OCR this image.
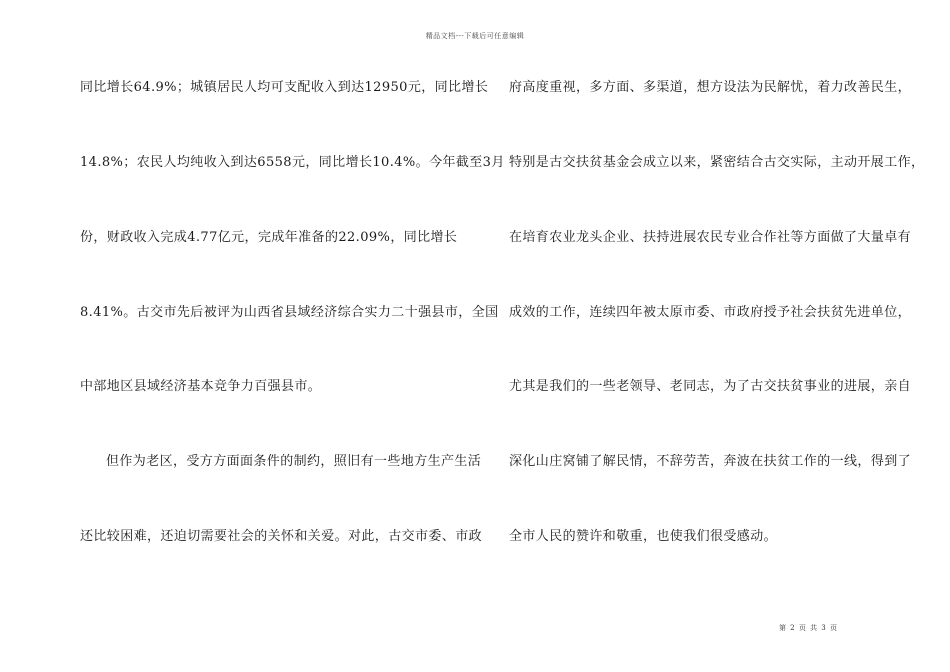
精品文档---下载后可任意编辑
同比增长64.9%；城镇居民人均可支配收入到达12950元，同比增长
14.8%；农民人均纯收入到达6558元，同比增长10.4%。今年截至3月
份，财政收入完成4.77亿元，完成年准备的22.09%，同比增长
8.41%。古交市先后被评为山西省县域经济综合实力二十强县市，全国
中部地区县域经济基本竞争力百强县市。
但作为老区，受方方面面条件的制约，照旧有一些地方生产生活
还比较困难，还迫切需要社会的关怀和关爱。对此，古交市委、市政
府高度重视，多方面、多渠道，想方设法为民解忧，着力改善民生，
特别是古交扶贫基金会成立以来，紧密结合古交实际，主动开展工作，
在培育农业龙头企业、扶持进展农民专业合作社等方面做了大量卓有
成效的工作，连续四年被太原市委、市政府授予社会扶贫先进单位，
尤其是我们的一些老领导、老同志，为了古交扶贫事业的进展，亲自
深化山庄窝铺了解民情，不辞劳苦，奔波在扶贫工作的一线，得到了
全市人民的赞许和敬重，也使我们很受感动。
第 2 页 共 3 页
